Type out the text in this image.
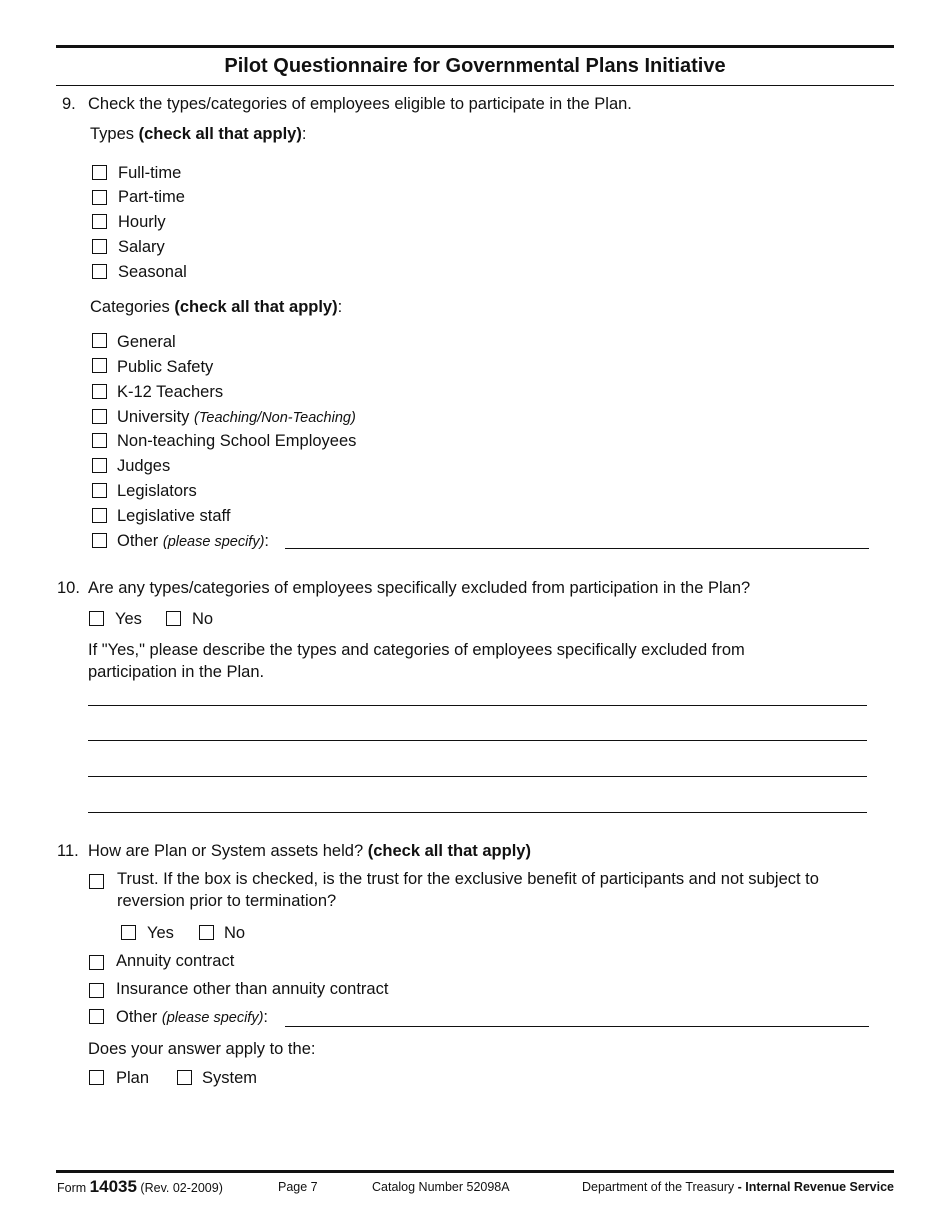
Pilot Questionnaire for Governmental Plans Initiative
9. Check the types/categories of employees eligible to participate in the Plan.
Types (check all that apply):
Full-time
Part-time
Hourly
Salary
Seasonal
Categories (check all that apply):
General
Public Safety
K-12 Teachers
University (Teaching/Non-Teaching)
Non-teaching School Employees
Judges
Legislators
Legislative staff
Other (please specify):
10. Are any types/categories of employees specifically excluded from participation in the Plan?
Yes	No
If "Yes," please describe the types and categories of employees specifically excluded from
participation in the Plan.
11. How are Plan or System assets held? (check all that apply)
Trust. If the box is checked, is the trust for the exclusive benefit of participants and not subject to
reversion prior to termination?
Yes	No
Annuity contract
Insurance other than annuity contract
Other (please specify):
Does your answer apply to the:
Plan	System
Form 14035 (Rev. 02-2009)	Page 7	Catalog Number 52098A	Department of the Treasury - Internal Revenue Service
